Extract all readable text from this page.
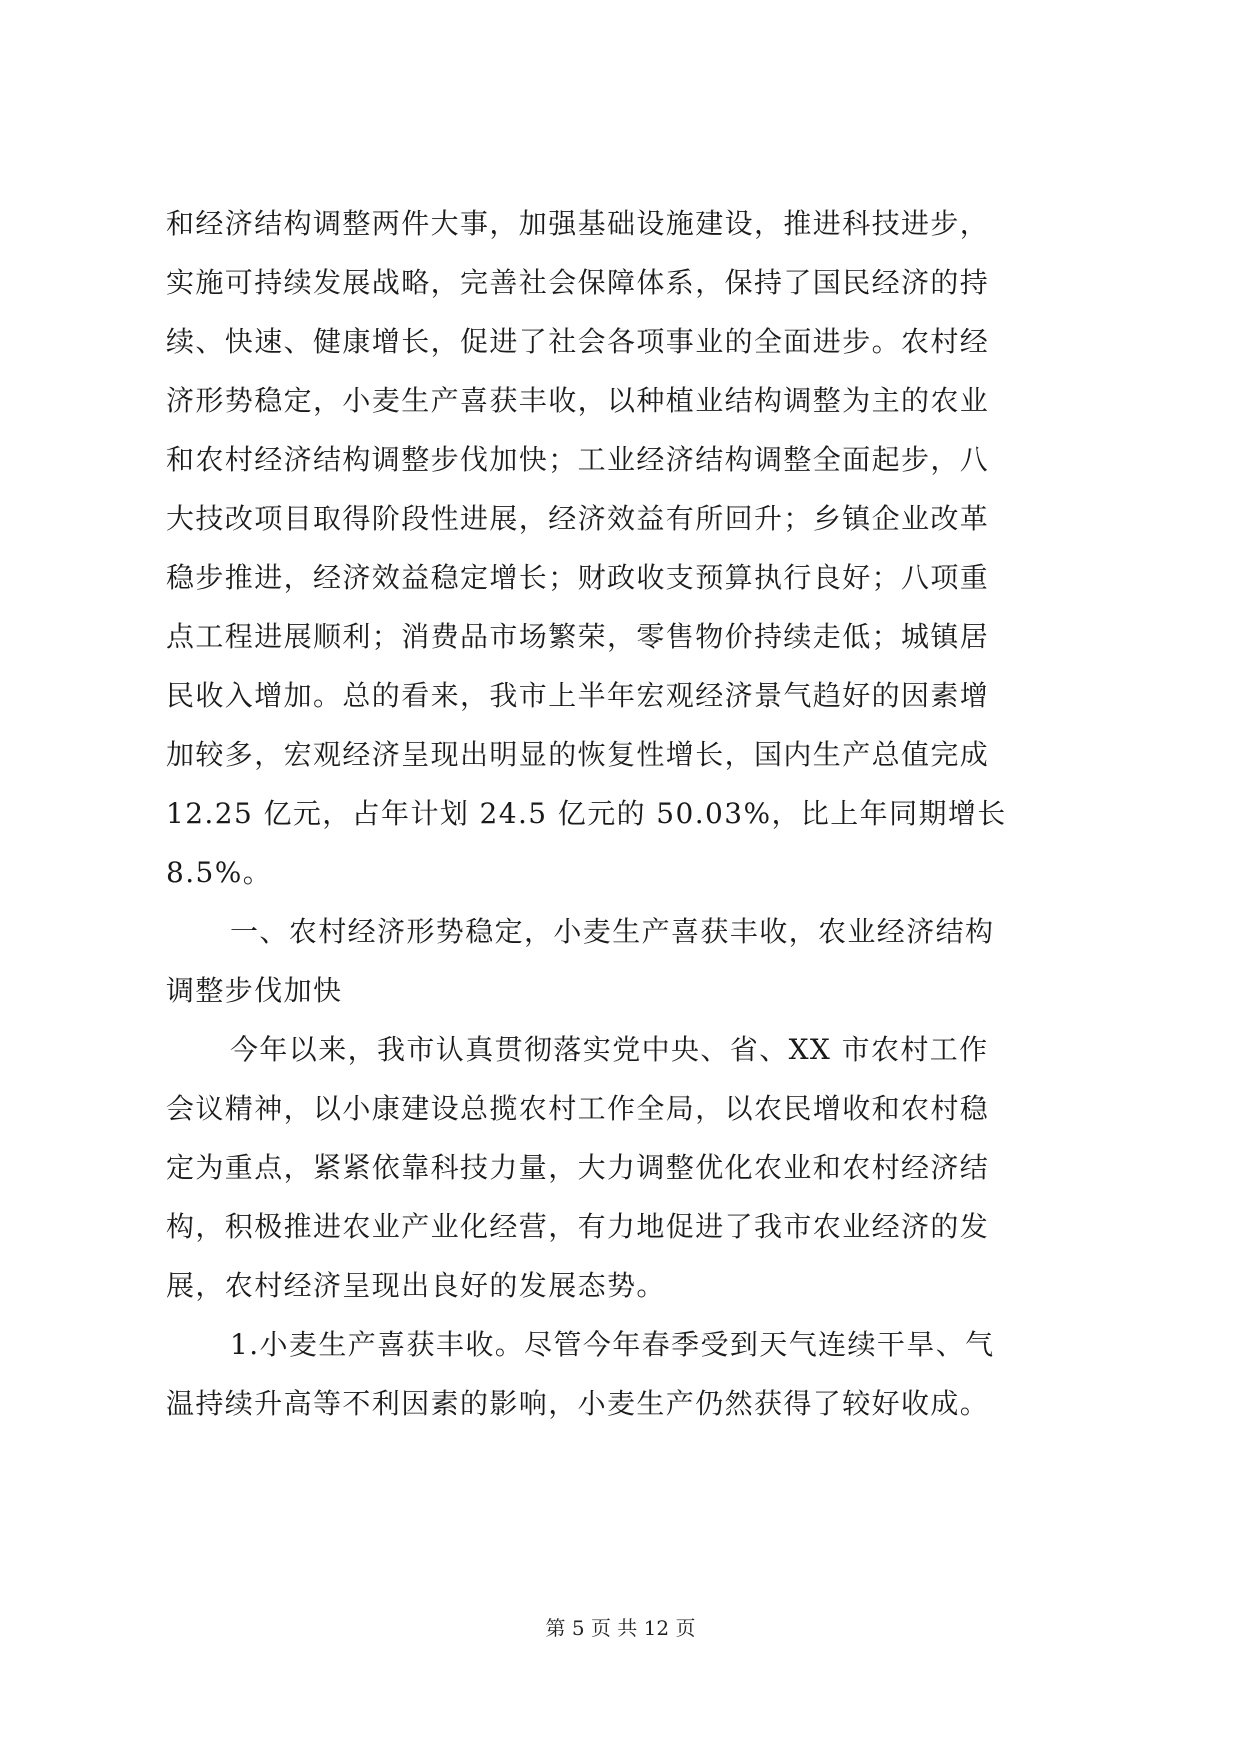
和经济结构调整两件大事，加强基础设施建设，推进科技进步，
实施可持续发展战略，完善社会保障体系，保持了国民经济的持
续、快速、健康增长，促进了社会各项事业的全面进步。农村经
济形势稳定，小麦生产喜获丰收，以种植业结构调整为主的农业
和农村经济结构调整步伐加快；工业经济结构调整全面起步，八
大技改项目取得阶段性进展，经济效益有所回升；乡镇企业改革
稳步推进，经济效益稳定增长；财政收支预算执行良好；八项重
点工程进展顺利；消费品市场繁荣，零售物价持续走低；城镇居
民收入增加。总的看来，我市上半年宏观经济景气趋好的因素增
加较多，宏观经济呈现出明显的恢复性增长，国内生产总值完成
12.25 亿元，占年计划 24.5 亿元的 50.03%，比上年同期增长
8.5%。
一、农村经济形势稳定，小麦生产喜获丰收，农业经济结构
调整步伐加快
今年以来，我市认真贯彻落实党中央、省、XX 市农村工作
会议精神，以小康建设总揽农村工作全局，以农民增收和农村稳
定为重点，紧紧依靠科技力量，大力调整优化农业和农村经济结
构，积极推进农业产业化经营，有力地促进了我市农业经济的发
展，农村经济呈现出良好的发展态势。
1.小麦生产喜获丰收。尽管今年春季受到天气连续干旱、气
温持续升高等不利因素的影响，小麦生产仍然获得了较好收成。
第 5 页 共 12 页
